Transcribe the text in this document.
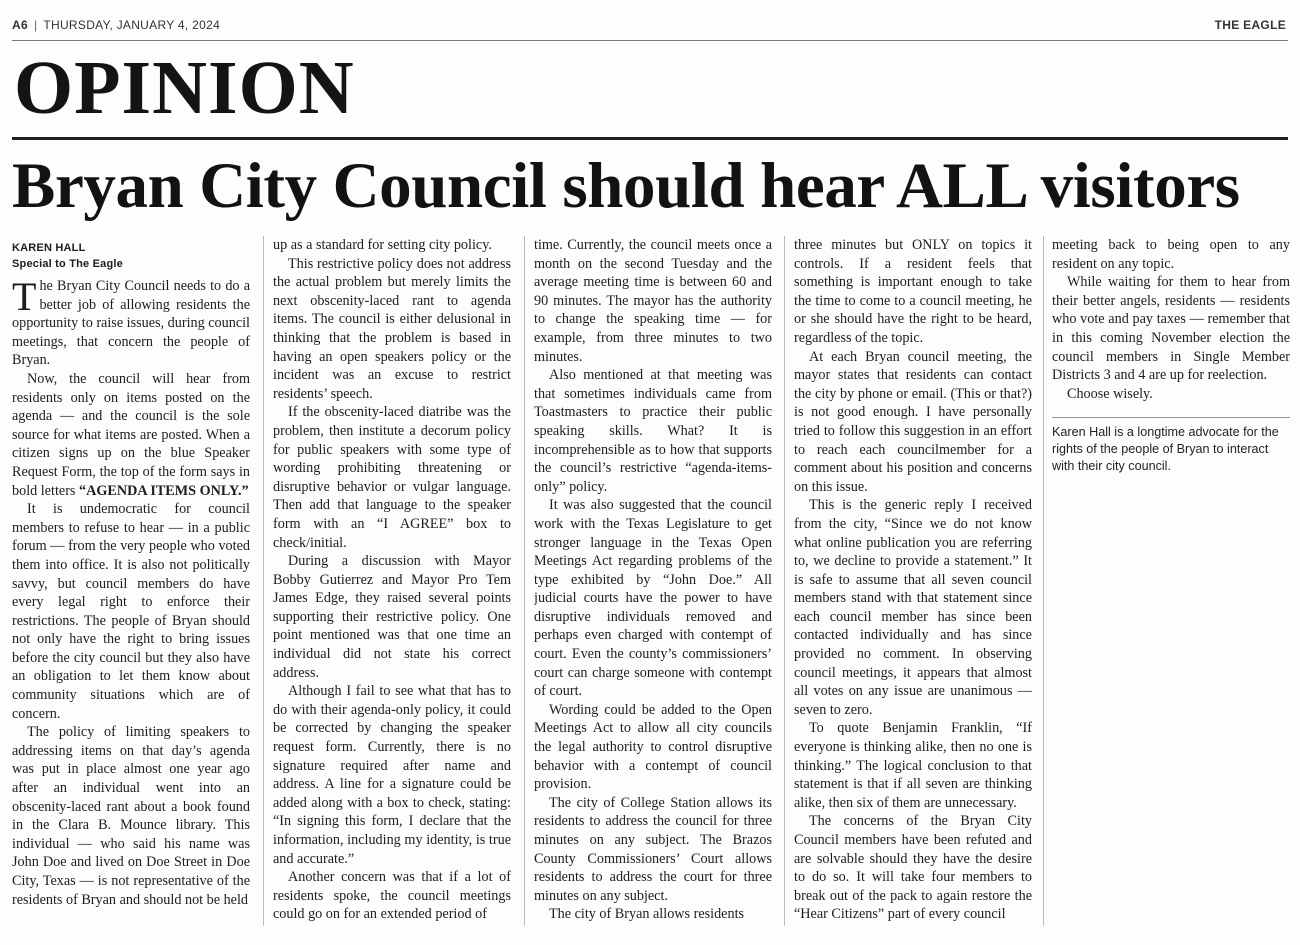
A6 | THURSDAY, JANUARY 4, 2024	THE EAGLE
OPINION
Bryan City Council should hear ALL visitors
KAREN HALL
Special to The Eagle

The Bryan City Council needs to do a better job of allowing residents the opportunity to raise issues, during council meetings, that concern the people of Bryan.

Now, the council will hear from residents only on items posted on the agenda — and the council is the sole source for what items are posted. When a citizen signs up on the blue Speaker Request Form, the top of the form says in bold letters “AGENDA ITEMS ONLY.”

It is undemocratic for council members to refuse to hear — in a public forum — from the very people who voted them into office. It is also not politically savvy, but council members do have every legal right to enforce their restrictions. The people of Bryan should not only have the right to bring issues before the city council but they also have an obligation to let them know about community situations which are of concern.

The policy of limiting speakers to addressing items on that day’s agenda was put in place almost one year ago after an individual went into an obscenity-laced rant about a book found in the Clara B. Mounce library. This individual — who said his name was John Doe and lived on Doe Street in Doe City, Texas — is not representative of the residents of Bryan and should not be held

up as a standard for setting city policy.

This restrictive policy does not address the actual problem but merely limits the next obscenity-laced rant to agenda items. The council is either delusional in thinking that the problem is based in having an open speakers policy or the incident was an excuse to restrict residents’ speech.

If the obscenity-laced diatribe was the problem, then institute a decorum policy for public speakers with some type of wording prohibiting threatening or disruptive behavior or vulgar language. Then add that language to the speaker form with an “I AGREE” box to check/initial.

During a discussion with Mayor Bobby Gutierrez and Mayor Pro Tem James Edge, they raised several points supporting their restrictive policy. One point mentioned was that one time an individual did not state his correct address.

Although I fail to see what that has to do with their agenda-only policy, it could be corrected by changing the speaker request form. Currently, there is no signature required after name and address. A line for a signature could be added along with a box to check, stating: “In signing this form, I declare that the information, including my identity, is true and accurate.”

Another concern was that if a lot of residents spoke, the council meetings could go on for an extended period of

time. Currently, the council meets once a month on the second Tuesday and the average meeting time is between 60 and 90 minutes. The mayor has the authority to change the speaking time — for example, from three minutes to two minutes.

Also mentioned at that meeting was that sometimes individuals came from Toastmasters to practice their public speaking skills. What? It is incomprehensible as to how that supports the council’s restrictive “agenda-items-only” policy.

It was also suggested that the council work with the Texas Legislature to get stronger language in the Texas Open Meetings Act regarding problems of the type exhibited by “John Doe.” All judicial courts have the power to have disruptive individuals removed and perhaps even charged with contempt of court. Even the county’s commissioners’ court can charge someone with contempt of court.

Wording could be added to the Open Meetings Act to allow all city councils the legal authority to control disruptive behavior with a contempt of council provision.

The city of College Station allows its residents to address the council for three minutes on any subject. The Brazos County Commissioners’ Court allows residents to address the court for three minutes on any subject.

The city of Bryan allows residents

three minutes but ONLY on topics it controls. If a resident feels that something is important enough to take the time to come to a council meeting, he or she should have the right to be heard, regardless of the topic.

At each Bryan council meeting, the mayor states that residents can contact the city by phone or email. (This or that?) is not good enough. I have personally tried to follow this suggestion in an effort to reach each councilmember for a comment about his position and concerns on this issue.

This is the generic reply I received from the city, “Since we do not know what online publication you are referring to, we decline to provide a statement.” It is safe to assume that all seven council members stand with that statement since each council member has since been contacted individually and has since provided no comment. In observing council meetings, it appears that almost all votes on any issue are unanimous — seven to zero.

To quote Benjamin Franklin, “If everyone is thinking alike, then no one is thinking.” The logical conclusion to that statement is that if all seven are thinking alike, then six of them are unnecessary.

The concerns of the Bryan City Council members have been refuted and are solvable should they have the desire to do so. It will take four members to break out of the pack to again restore the “Hear Citizens” part of every council

meeting back to being open to any resident on any topic.

While waiting for them to hear from their better angels, residents — residents who vote and pay taxes — remember that in this coming November election the council members in Single Member Districts 3 and 4 are up for reelection.

Choose wisely.

Karen Hall is a longtime advocate for the rights of the people of Bryan to interact with their city council.
